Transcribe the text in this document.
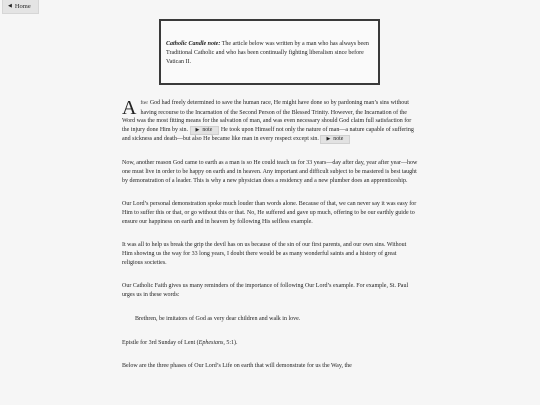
◀ Home
Catholic Candle note: The article below was written by a man who has always been Traditional Catholic and who has been continually fighting liberalism since before Vatican II.

After God had freely determined to save the human race, He might have done so by pardoning man’s sins without having recourse to the Incarnation of the Second Person of the Blessed Trinity. However, the Incarnation of the Word was the most fitting means for the salvation of man, and was even necessary should God claim full satisfaction for the injury done Him by sin. ▶ note He took upon Himself not only the nature of man—a nature capable of suffering and sickness and death—but also He became like man in every respect except sin. ▶ note

Now, another reason God came to earth as a man is so He could teach us for 33 years—day after day, year after year—how one must live in order to be happy on earth and in heaven. Any important and difficult subject to be mastered is best taught by demonstration of a leader. This is why a new physician does a residency and a new plumber does an apprenticeship.

Our Lord’s personal demonstration spoke much louder than words alone. Because of that, we can never say it was easy for Him to suffer this or that, or go without this or that. No, He suffered and gave up much, offering to be our earthly guide to ensure our happiness on earth and in heaven by following His selfless example.

It was all to help us break the grip the devil has on us because of the sin of our first parents, and our own sins. Without Him showing us the way for 33 long years, I doubt there would be as many wonderful saints and a history of great religious societies.

Our Catholic Faith gives us many reminders of the importance of following Our Lord’s example. For example, St. Paul urges us in these words:

Brethren, be imitators of God as very dear children and walk in love.

Epistle for 3rd Sunday of Lent (Ephesians, 5:1).

Below are the three phases of Our Lord’s Life on earth that will demonstrate for us the Way, the
